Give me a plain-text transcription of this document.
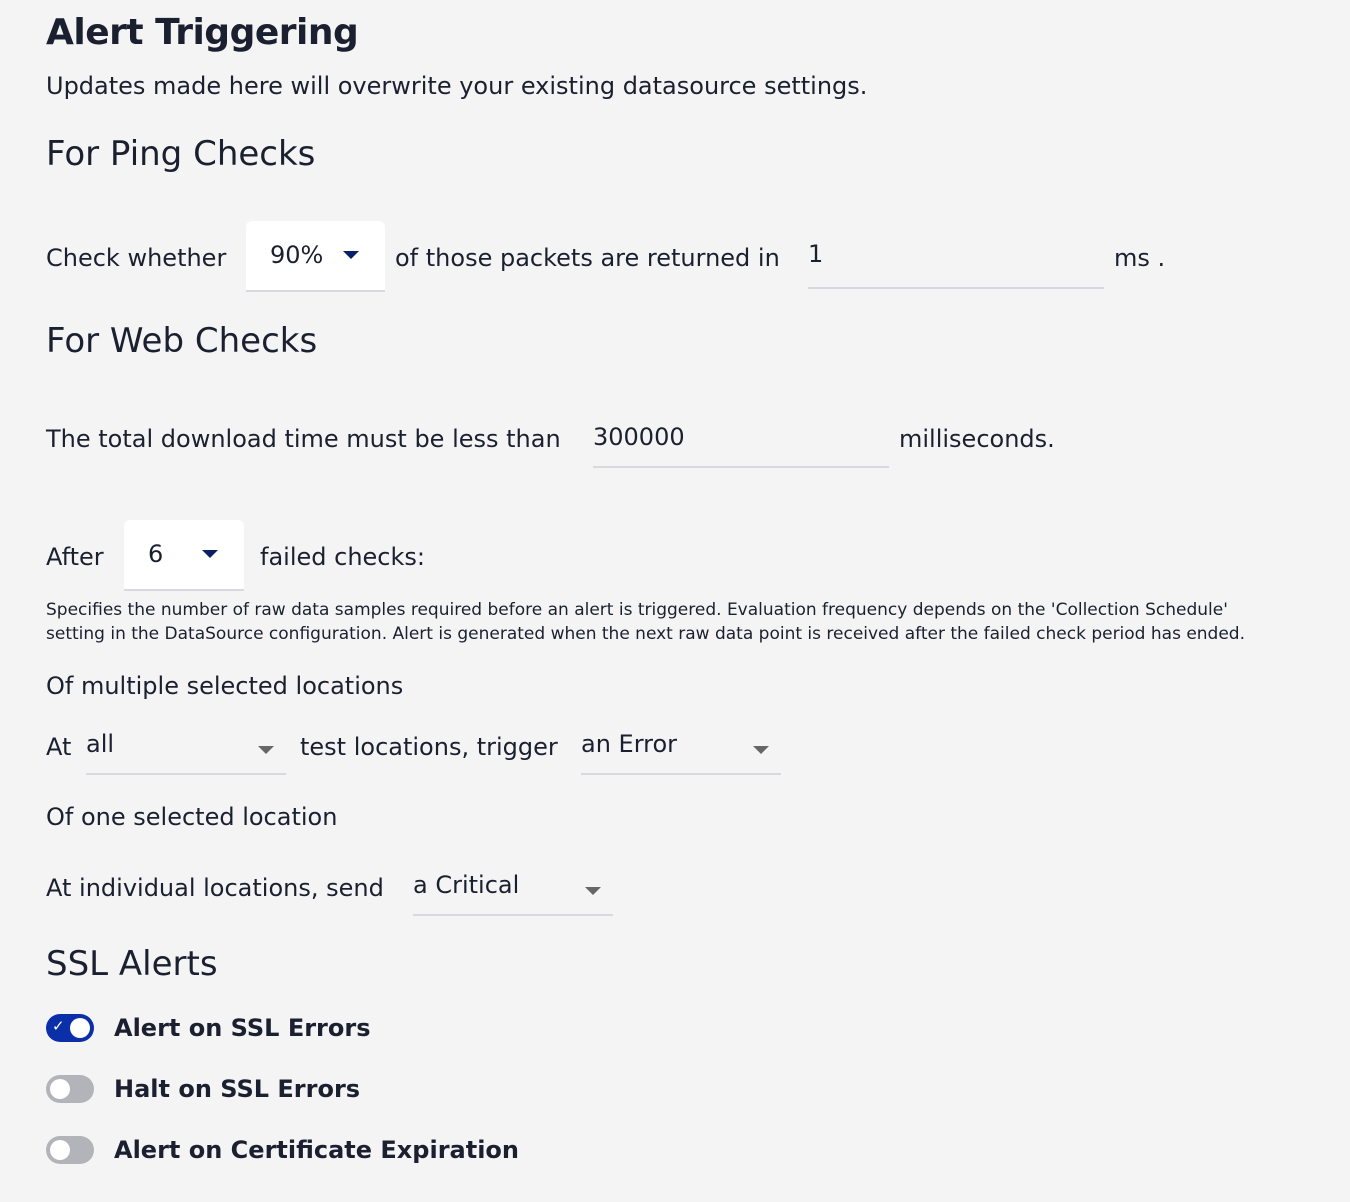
Alert Triggering
Updates made here will overwrite your existing datasource settings.
For Ping Checks
Check whether 90%	of those packets are returned in 1	ms .
For Web Checks
The total download time must be less than 300000	milliseconds.
After 6	failed checks:
Specifies the number of raw data samples required before an alert is triggered. Evaluation frequency depends on the 'Collection Schedule'
setting in the DataSource configuration. Alert is generated when the next raw data point is received after the failed check period has ended.
Of multiple selected locations
At all	test locations, trigger an Error
Of one selected location
At individual locations, send a Critical
SSL Alerts
✓ Alert on SSL Errors
Halt on SSL Errors
Alert on Certificate Expiration
